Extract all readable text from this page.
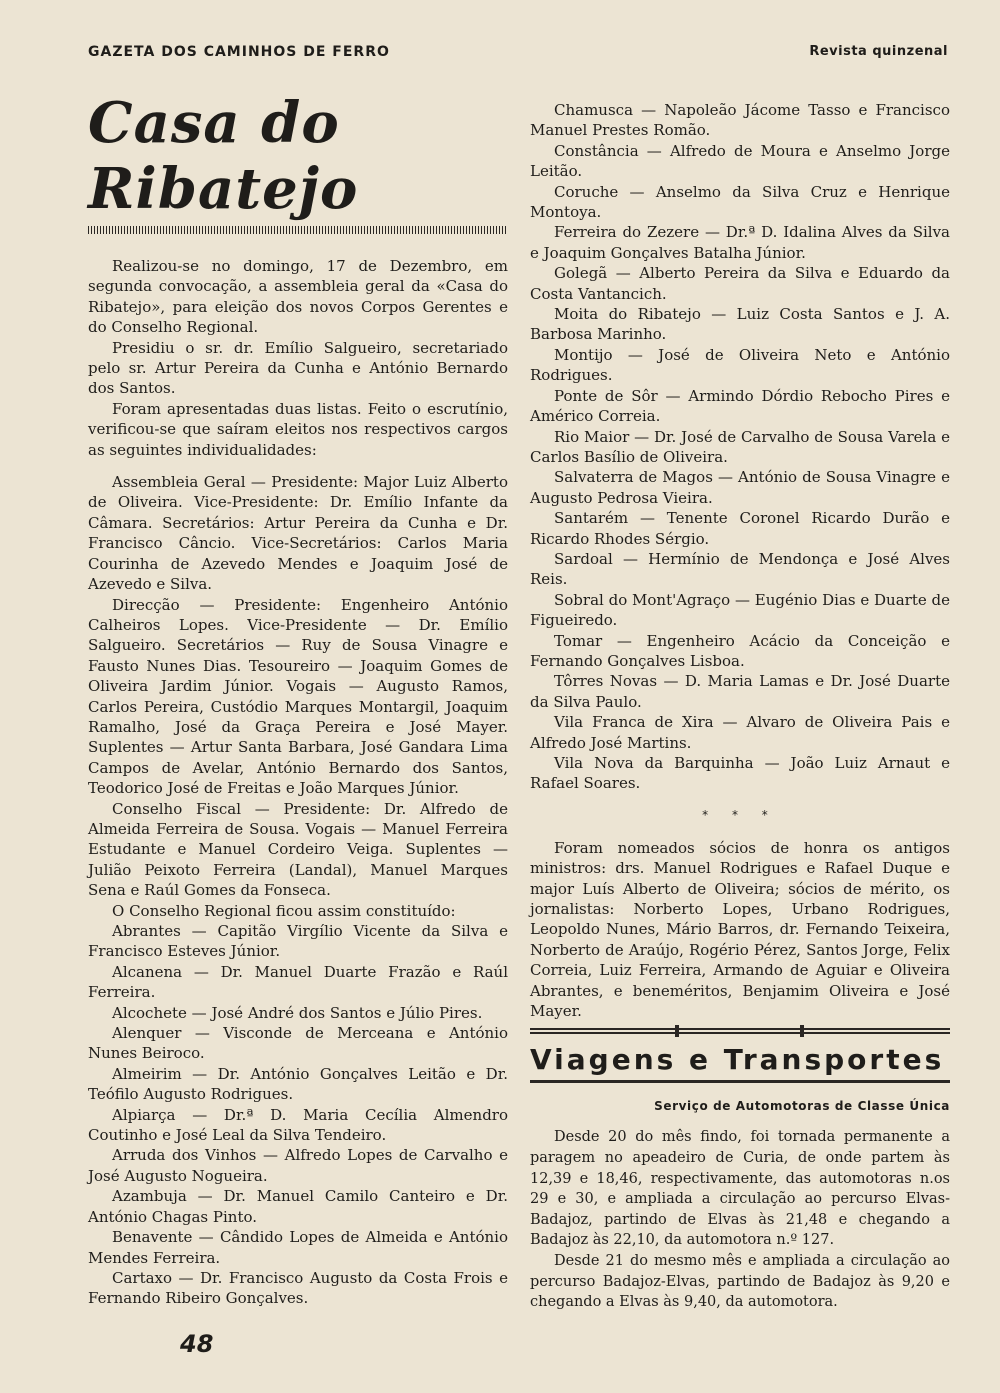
GAZETA DOS CAMINHOS DE FERRO	Revista quinzenal
Casa do Ribatejo

Realizou-se no domingo, 17 de Dezembro, em segunda convocação, a assembleia geral da «Casa do Ribatejo», para eleição dos novos Corpos Gerentes e do Conselho Regional.

Presidiu o sr. dr. Emílio Salgueiro, secretariado pelo sr. Artur Pereira da Cunha e António Bernardo dos Santos.

Foram apresentadas duas listas. Feito o escrutínio, verificou-se que saíram eleitos nos respectivos cargos as seguintes individualidades:

Assembleia Geral — Presidente: Major Luiz Alberto de Oliveira. Vice-Presidente: Dr. Emílio Infante da Câmara. Secretários: Artur Pereira da Cunha e Dr. Francisco Câncio. Vice-Secretários: Carlos Maria Courinha de Azevedo Mendes e Joaquim José de Azevedo e Silva.

Direcção — Presidente: Engenheiro António Calheiros Lopes. Vice-Presidente — Dr. Emílio Salgueiro. Secretários — Ruy de Sousa Vinagre e Fausto Nunes Dias. Tesoureiro — Joaquim Gomes de Oliveira Jardim Júnior. Vogais — Augusto Ramos, Carlos Pereira, Custódio Marques Montargil, Joaquim Ramalho, José da Graça Pereira e José Mayer. Suplentes — Artur Santa Barbara, José Gandara Lima Campos de Avelar, António Bernardo dos Santos, Teodorico José de Freitas e João Marques Júnior.

Conselho Fiscal — Presidente: Dr. Alfredo de Almeida Ferreira de Sousa. Vogais — Manuel Ferreira Estudante e Manuel Cordeiro Veiga. Suplentes — Julião Peixoto Ferreira (Landal), Manuel Marques Sena e Raúl Gomes da Fonseca.

O Conselho Regional ficou assim constituído:

Abrantes — Capitão Virgílio Vicente da Silva e Francisco Esteves Júnior.

Alcanena — Dr. Manuel Duarte Frazão e Raúl Ferreira.

Alcochete — José André dos Santos e Júlio Pires.

Alenquer — Visconde de Merceana e António Nunes Beiroco.

Almeirim — Dr. António Gonçalves Leitão e Dr. Teófilo Augusto Rodrigues.

Alpiarça — Dr.ª D. Maria Cecília Almendro Coutinho e José Leal da Silva Tendeiro.

Arruda dos Vinhos — Alfredo Lopes de Carvalho e José Augusto Nogueira.

Azambuja — Dr. Manuel Camilo Canteiro e Dr. António Chagas Pinto.

Benavente — Cândido Lopes de Almeida e António Mendes Ferreira.

Cartaxo — Dr. Francisco Augusto da Costa Frois e Fernando Ribeiro Gonçalves.

Chamusca — Napoleão Jácome Tasso e Francisco Manuel Prestes Romão.

Constância — Alfredo de Moura e Anselmo Jorge Leitão.

Coruche — Anselmo da Silva Cruz e Henrique Montoya.

Ferreira do Zezere — Dr.ª D. Idalina Alves da Silva e Joaquim Gonçalves Batalha Júnior.

Golegã — Alberto Pereira da Silva e Eduardo da Costa Vantancich.

Moita do Ribatejo — Luiz Costa Santos e J. A. Barbosa Marinho.

Montijo — José de Oliveira Neto e António Rodrigues.

Ponte de Sôr — Armindo Dórdio Rebocho Pires e Américo Correia.

Rio Maior — Dr. José de Carvalho de Sousa Varela e Carlos Basílio de Oliveira.

Salvaterra de Magos — António de Sousa Vinagre e Augusto Pedrosa Vieira.

Santarém — Tenente Coronel Ricardo Durão e Ricardo Rhodes Sérgio.

Sardoal — Hermínio de Mendonça e José Alves Reis.

Sobral do Mont'Agraço — Eugénio Dias e Duarte de Figueiredo.

Tomar — Engenheiro Acácio da Conceição e Fernando Gonçalves Lisboa.

Tôrres Novas — D. Maria Lamas e Dr. José Duarte da Silva Paulo.

Vila Franca de Xira — Alvaro de Oliveira Pais e Alfredo José Martins.

Vila Nova da Barquinha — João Luiz Arnaut e Rafael Soares.

* * *

Foram nomeados sócios de honra os antigos ministros: drs. Manuel Rodrigues e Rafael Duque e major Luís Alberto de Oliveira; sócios de mérito, os jornalistas: Norberto Lopes, Urbano Rodrigues, Leopoldo Nunes, Mário Barros, dr. Fernando Teixeira, Norberto de Araújo, Rogério Pérez, Santos Jorge, Felix Correia, Luiz Ferreira, Armando de Aguiar e Oliveira Abrantes, e beneméritos, Benjamim Oliveira e José Mayer.

Viagens e Transportes
Serviço de Automotoras de Classe Única

Desde 20 do mês findo, foi tornada permanente a paragem no apeadeiro de Curia, de onde partem às 12,39 e 18,46, respectivamente, das automotoras n.os 29 e 30, e ampliada a circulação ao percurso Elvas-Badajoz, partindo de Elvas às 21,48 e chegando a Badajoz às 22,10, da automotora n.º 127.

Desde 21 do mesmo mês e ampliada a circulação ao percurso Badajoz-Elvas, partindo de Badajoz às 9,20 e chegando a Elvas às 9,40, da automotora.

48
